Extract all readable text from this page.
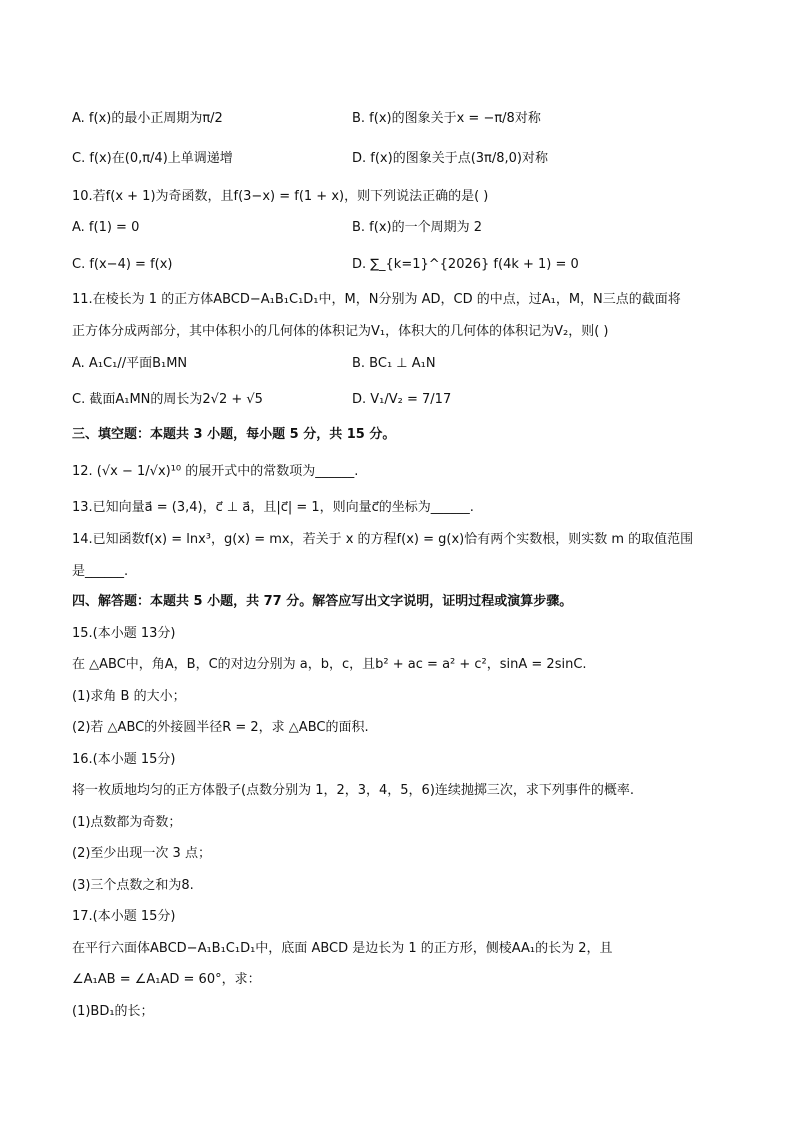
A. f(x)的最小正周期为π/2	B. f(x)的图象关于x = −π/8对称
C. f(x)在(0,π/4)上单调递增	D. f(x)的图象关于点(3π/8,0)对称
10.若f(x + 1)为奇函数，且f(3−x) = f(1 + x)，则下列说法正确的是( )
A. f(1) = 0	B. f(x)的一个周期为 2
C. f(x−4) = f(x)	D. ∑_{k=1}^{2026} f(4k + 1) = 0
11.在棱长为 1 的正方体ABCD−A₁B₁C₁D₁中，M，N分别为 AD，CD 的中点，过A₁，M，N三点的截面将
正方体分成两部分，其中体积小的几何体的体积记为V₁，体积大的几何体的体积记为V₂，则( )
A. A₁C₁//平面B₁MN	B. BC₁ ⊥ A₁N
C. 截面A₁MN的周长为2√2 + √5	D. V₁/V₂ = 7/17
三、填空题：本题共 3 小题，每小题 5 分，共 15 分。
12. (√x − 1/√x)¹⁰ 的展开式中的常数项为______.
13.已知向量a⃗ = (3,4)，c⃗ ⊥ a⃗，且|c⃗| = 1，则向量c⃗的坐标为______.
14.已知函数f(x) = lnx³，g(x) = mx，若关于 x 的方程f(x) = g(x)恰有两个实数根，则实数 m 的取值范围
是______.
四、解答题：本题共 5 小题，共 77 分。解答应写出文字说明，证明过程或演算步骤。
15.(本小题 13分)
在 △ABC中，角A，B，C的对边分别为 a，b，c，且b² + ac = a² + c²，sinA = 2sinC.
(1)求角 B 的大小；
(2)若 △ABC的外接圆半径R = 2，求 △ABC的面积.
16.(本小题 15分)
将一枚质地均匀的正方体骰子(点数分别为 1，2，3，4，5，6)连续抛掷三次，求下列事件的概率.
(1)点数都为奇数；
(2)至少出现一次 3 点；
(3)三个点数之和为8.
17.(本小题 15分)
在平行六面体ABCD−A₁B₁C₁D₁中，底面 ABCD 是边长为 1 的正方形，侧棱AA₁的长为 2，且
∠A₁AB = ∠A₁AD = 60°，求：
(1)BD₁的长；
